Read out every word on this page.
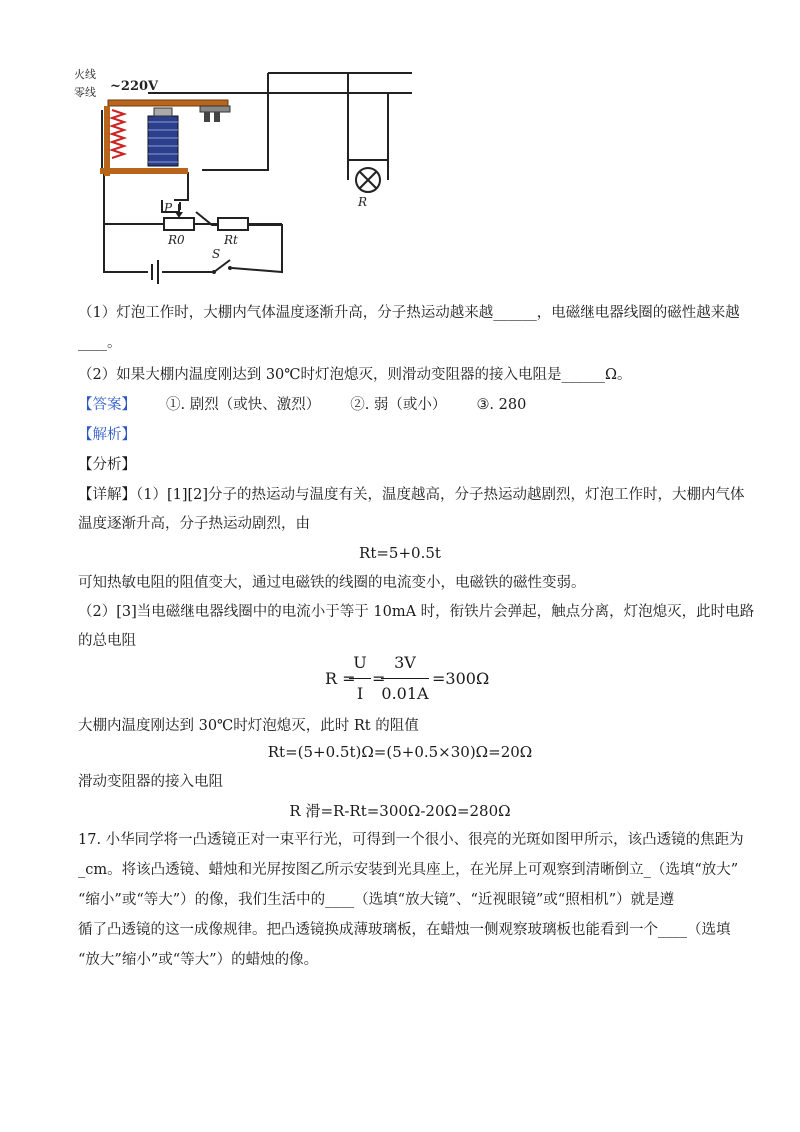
火线
零线 ~220V
R
P
R0	Rt
S
（1）灯泡工作时，大棚内气体温度逐渐升高，分子热运动越来越______，电磁继电器线圈的磁性越来越
____。
（2）如果大棚内温度刚达到 30℃时灯泡熄灭，则滑动变阻器的接入电阻是______Ω。
【答案】 ①. 剧烈（或快、激烈） ②. 弱（或小） ③. 280
【解析】
【分析】
【详解】（1）[1][2]分子的热运动与温度有关，温度越高，分子热运动越剧烈，灯泡工作时，大棚内气体
温度逐渐升高，分子热运动剧烈，由
Rt=5+0.5t
可知热敏电阻的阻值变大，通过电磁铁的线圈的电流变小，电磁铁的磁性变弱。
（2）[3]当电磁继电器线圈中的电流小于等于 10mA 时，衔铁片会弹起，触点分离，灯泡熄灭，此时电路
的总电阻
R =
U
I
=
3V
0.01A
=300Ω
大棚内温度刚达到 30℃时灯泡熄灭，此时 Rt 的阻值
Rt=(5+0.5t)Ω=(5+0.5×30)Ω=20Ω
滑动变阻器的接入电阻
R 滑=R-Rt=300Ω-20Ω=280Ω
17. 小华同学将一凸透镜正对一束平行光，可得到一个很小、很亮的光斑如图甲所示，该凸透镜的焦距为
_cm。将该凸透镜、蜡烛和光屏按图乙所示安装到光具座上，在光屏上可观察到清晰倒立_（选填“放大”
“缩小”或“等大”）的像，我们生活中的____（选填“放大镜”、“近视眼镜”或“照相机”）就是遵
循了凸透镜的这一成像规律。把凸透镜换成薄玻璃板，在蜡烛一侧观察玻璃板也能看到一个____（选填
“放大”缩小”或“等大”）的蜡烛的像。
